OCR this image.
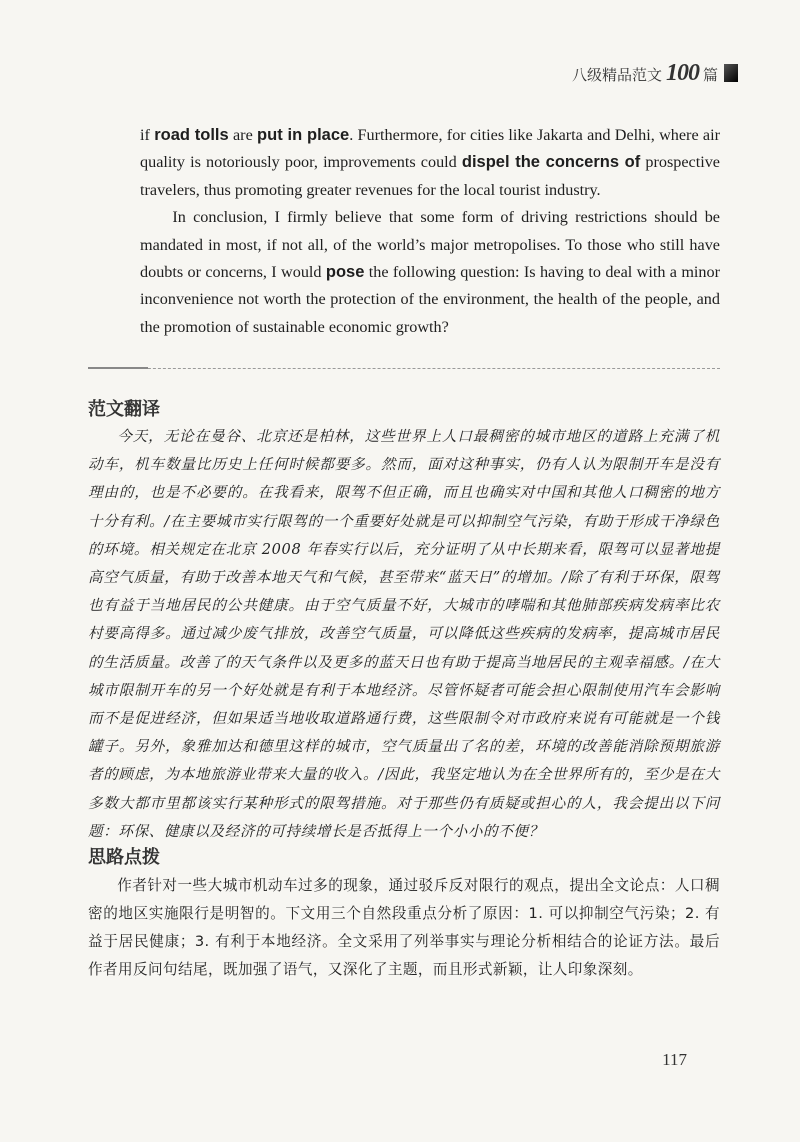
八级精品范文 100 篇

if road tolls are put in place. Furthermore, for cities like Jakarta and Delhi, where air quality is notoriously poor, improvements could dispel the concerns of prospective travelers, thus promoting greater revenues for the local tourist industry.

In conclusion, I firmly believe that some form of driving restrictions should be mandated in most, if not all, of the world’s major metropolises. To those who still have doubts or concerns, I would pose the following question: Is having to deal with a minor inconvenience not worth the protection of the environment, the health of the people, and the promotion of sustainable economic growth?

范文翻译

今天，无论在曼谷、北京还是柏林，这些世界上人口最稠密的城市地区的道路上充满了机动车，机车数量比历史上任何时候都要多。然而，面对这种事实，仍有人认为限制开车是没有理由的，也是不必要的。在我看来，限驾不但正确，而且也确实对中国和其他人口稠密的地方十分有利。/在主要城市实行限驾的一个重要好处就是可以抑制空气污染，有助于形成干净绿色的环境。相关规定在北京 2008 年春实行以后，充分证明了从中长期来看，限驾可以显著地提高空气质量，有助于改善本地天气和气候，甚至带来“蓝天日”的增加。/除了有利于环保，限驾也有益于当地居民的公共健康。由于空气质量不好，大城市的哮喘和其他肺部疾病发病率比农村要高得多。通过减少废气排放，改善空气质量，可以降低这些疾病的发病率，提高城市居民的生活质量。改善了的天气条件以及更多的蓝天日也有助于提高当地居民的主观幸福感。/在大城市限制开车的另一个好处就是有利于本地经济。尽管怀疑者可能会担心限制使用汽车会影响而不是促进经济，但如果适当地收取道路通行费，这些限制令对市政府来说有可能就是一个钱罐子。另外，象雅加达和德里这样的城市，空气质量出了名的差，环境的改善能消除预期旅游者的顾虑，为本地旅游业带来大量的收入。/因此，我坚定地认为在全世界所有的，至少是在大多数大都市里都该实行某种形式的限驾措施。对于那些仍有质疑或担心的人，我会提出以下问题：环保、健康以及经济的可持续增长是否抵得上一个小小的不便？

思路点拨

作者针对一些大城市机动车过多的现象，通过驳斥反对限行的观点，提出全文论点：人口稠密的地区实施限行是明智的。下文用三个自然段重点分析了原因：1. 可以抑制空气污染；2. 有益于居民健康；3. 有利于本地经济。全文采用了列举事实与理论分析相结合的论证方法。最后作者用反问句结尾，既加强了语气，又深化了主题，而且形式新颖，让人印象深刻。

117
